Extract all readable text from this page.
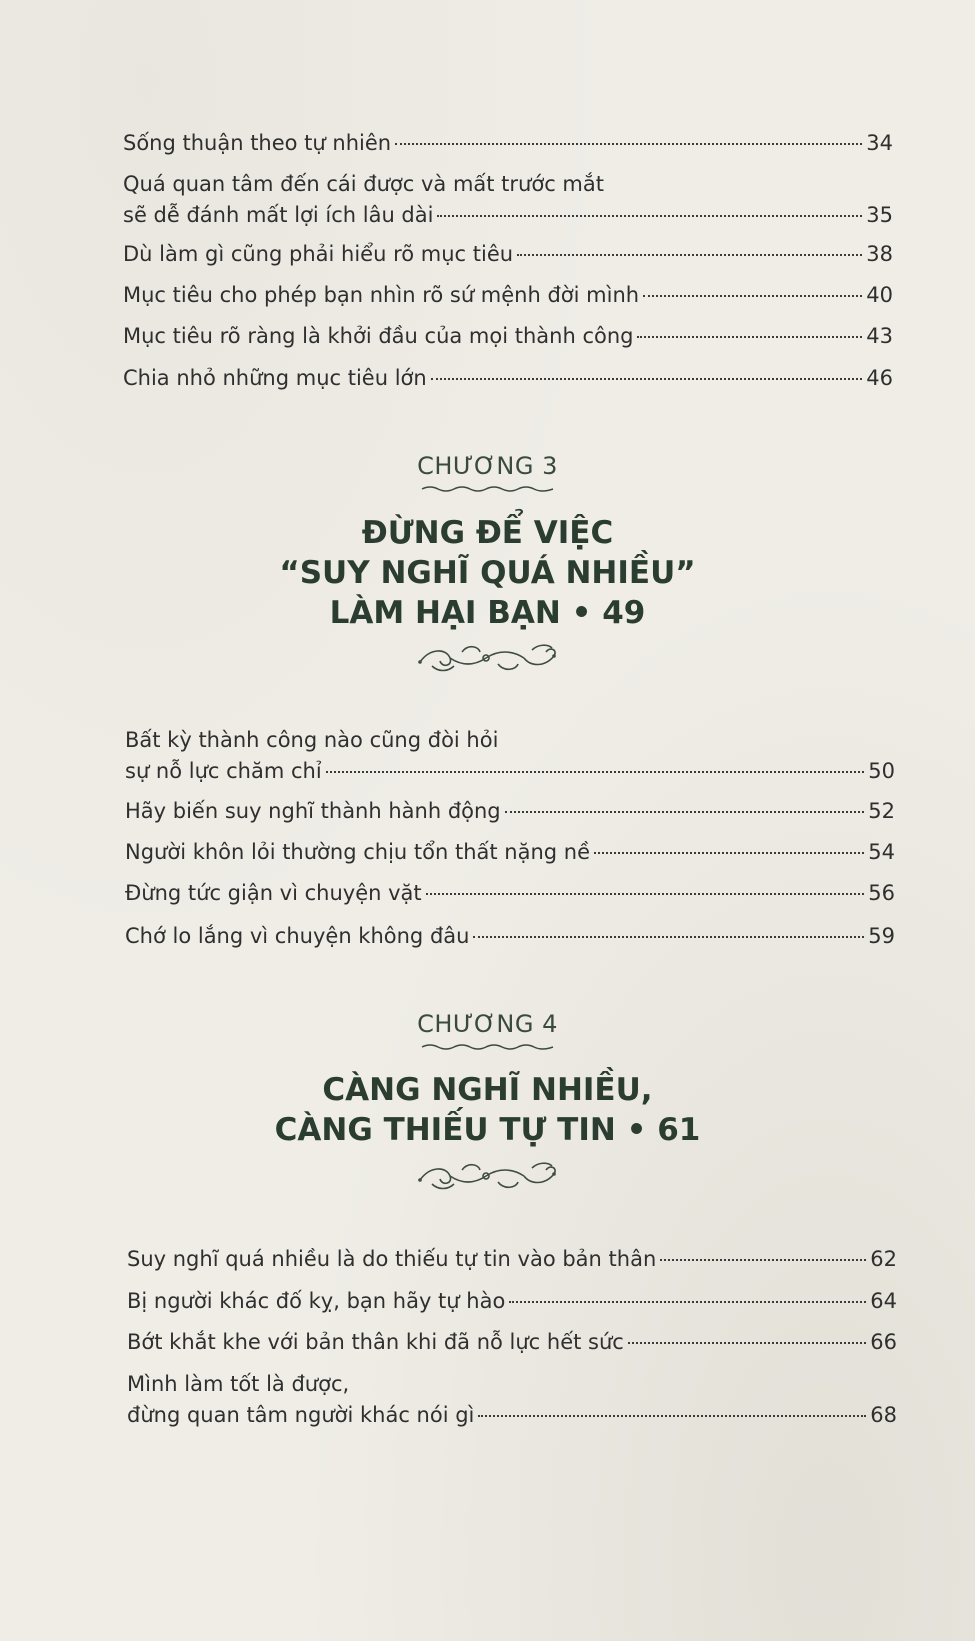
Sống thuận theo tự nhiên	34
Quá quan tâm đến cái được và mất trước mắt
sẽ dễ đánh mất lợi ích lâu dài	35
Dù làm gì cũng phải hiểu rõ mục tiêu	38
Mục tiêu cho phép bạn nhìn rõ sứ mệnh đời mình	40
Mục tiêu rõ ràng là khởi đầu của mọi thành công	43
Chia nhỏ những mục tiêu lớn	46
CHƯƠNG 3
ĐỪNG ĐỂ VIỆC
“SUY NGHĨ QUÁ NHIỀU”
LÀM HẠI BẠN • 49
Bất kỳ thành công nào cũng đòi hỏi
sự nỗ lực chăm chỉ	50
Hãy biến suy nghĩ thành hành động	52
Người khôn lỏi thường chịu tổn thất nặng nề	54
Đừng tức giận vì chuyện vặt	56
Chớ lo lắng vì chuyện không đâu	59
CHƯƠNG 4
CÀNG NGHĨ NHIỀU,
CÀNG THIẾU TỰ TIN • 61
Suy nghĩ quá nhiều là do thiếu tự tin vào bản thân	62
Bị người khác đố kỵ, bạn hãy tự hào	64
Bớt khắt khe với bản thân khi đã nỗ lực hết sức	66
Mình làm tốt là được,
đừng quan tâm người khác nói gì	68
